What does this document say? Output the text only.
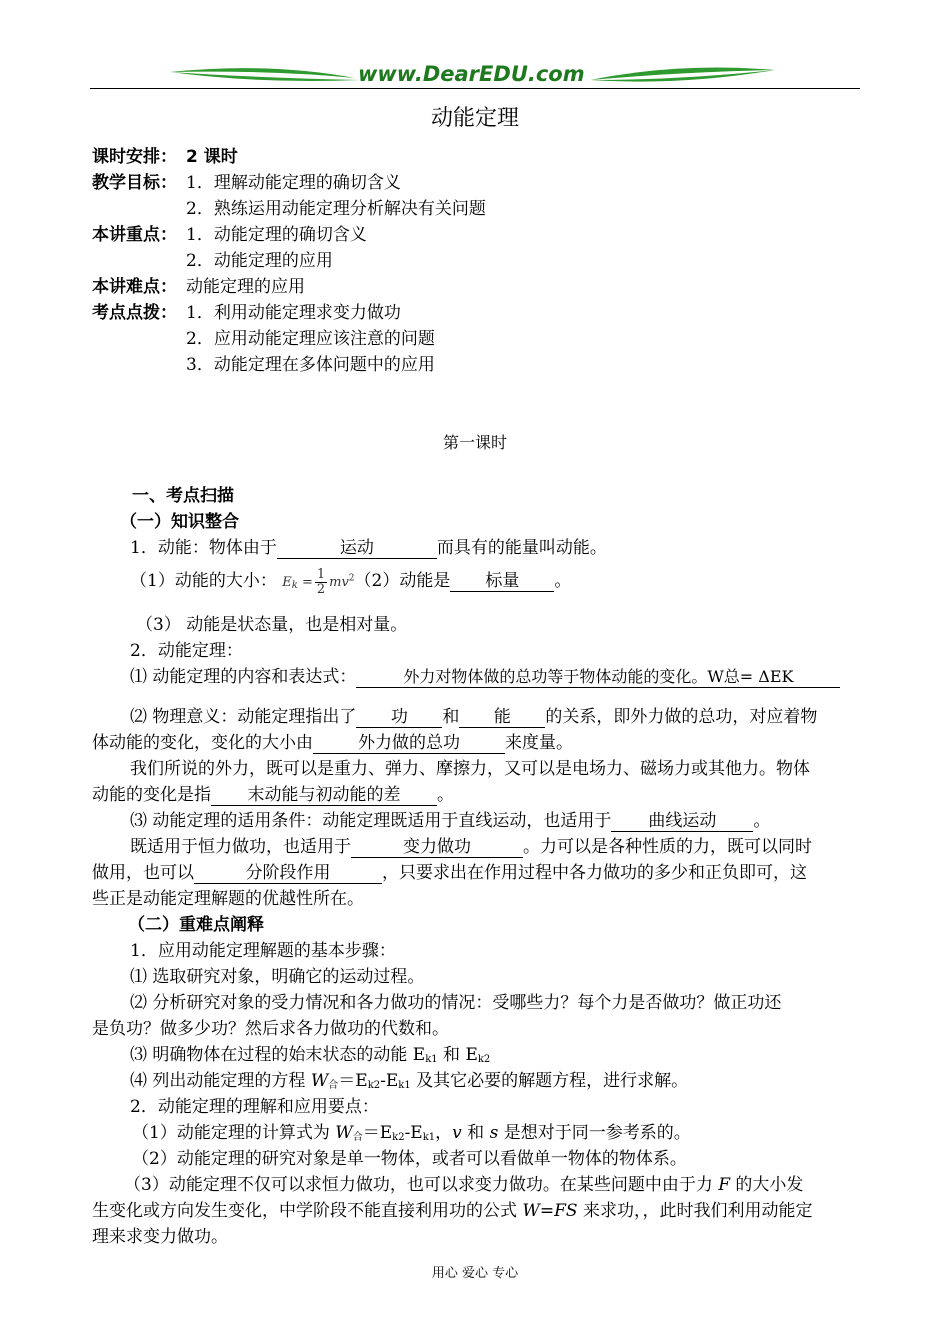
www.DearEDU.com
动能定理
课时安排： 2 课时
教学目标： 1．理解动能定理的确切含义
2．熟练运用动能定理分析解决有关问题
本讲重点： 1．动能定理的确切含义
2．动能定理的应用
本讲难点： 动能定理的应用
考点点拨： 1．利用动能定理求变力做功
2．应用动能定理应该注意的问题
3．动能定理在多体问题中的应用
第一课时
一、考点扫描
（一）知识整合
1．动能：物体由于	运动	而具有的能量叫动能。
（1）动能的大小： $E_k = \frac{1}{2} mv^2(2)$动能是 标量 。
（3） 动能是状态量，也是相对量。
2．动能定理：
⑴ 动能定理的内容和表达式：	外力对物体做的总功等于物体动能的变化。W总= ΔEK
⑵ 物理意义：动能定理指出了 功 和 能 的关系，即外力做的总功，对应着物
体动能的变化，变化的大小由	外力做的总功	来度量。
我们所说的外力，既可以是重力、弹力、摩擦力，又可以是电场力、磁场力或其他力。物体
动能的变化是指 末动能与初动能的差 。
⑶ 动能定理的适用条件：动能定理既适用于直线运动，也适用于 曲线运动 。
既适用于恒力做功，也适用于	变力做功	。力可以是各种性质的力，既可以同时
做用，也可以	分阶段作用	，只要求出在作用过程中各力做功的多少和正负即可，这
些正是动能定理解题的优越性所在。
（二）重难点阐释
1．应用动能定理解题的基本步骤：
⑴ 选取研究对象，明确它的运动过程。
⑵ 分析研究对象的受力情况和各力做功的情况：受哪些力？每个力是否做功？做正功还
是负功？做多少功？然后求各力做功的代数和。
⑶ 明确物体在过程的始末状态的动能 $E_{k1}$ 和 $E_{k2}$
⑷ 列出动能定理的方程 $W_合=E_{k2}-E_{k1}$ 及其它必要的解题方程，进行求解。
2．动能定理的理解和应用要点：
（1）动能定理的计算式为 $W_合=E_{k2}-E_{k1}$，v 和 s 是想对于同一参考系的。
（2）动能定理的研究对象是单一物体，或者可以看做单一物体的物体系。
（3）动能定理不仅可以求恒力做功，也可以求变力做功。在某些问题中由于力 F 的大小发
生变化或方向发生变化，中学阶段不能直接利用功的公式 W=FS 来求功，，此时我们利用动能定
理来求变力做功。
用心 爱心 专心
